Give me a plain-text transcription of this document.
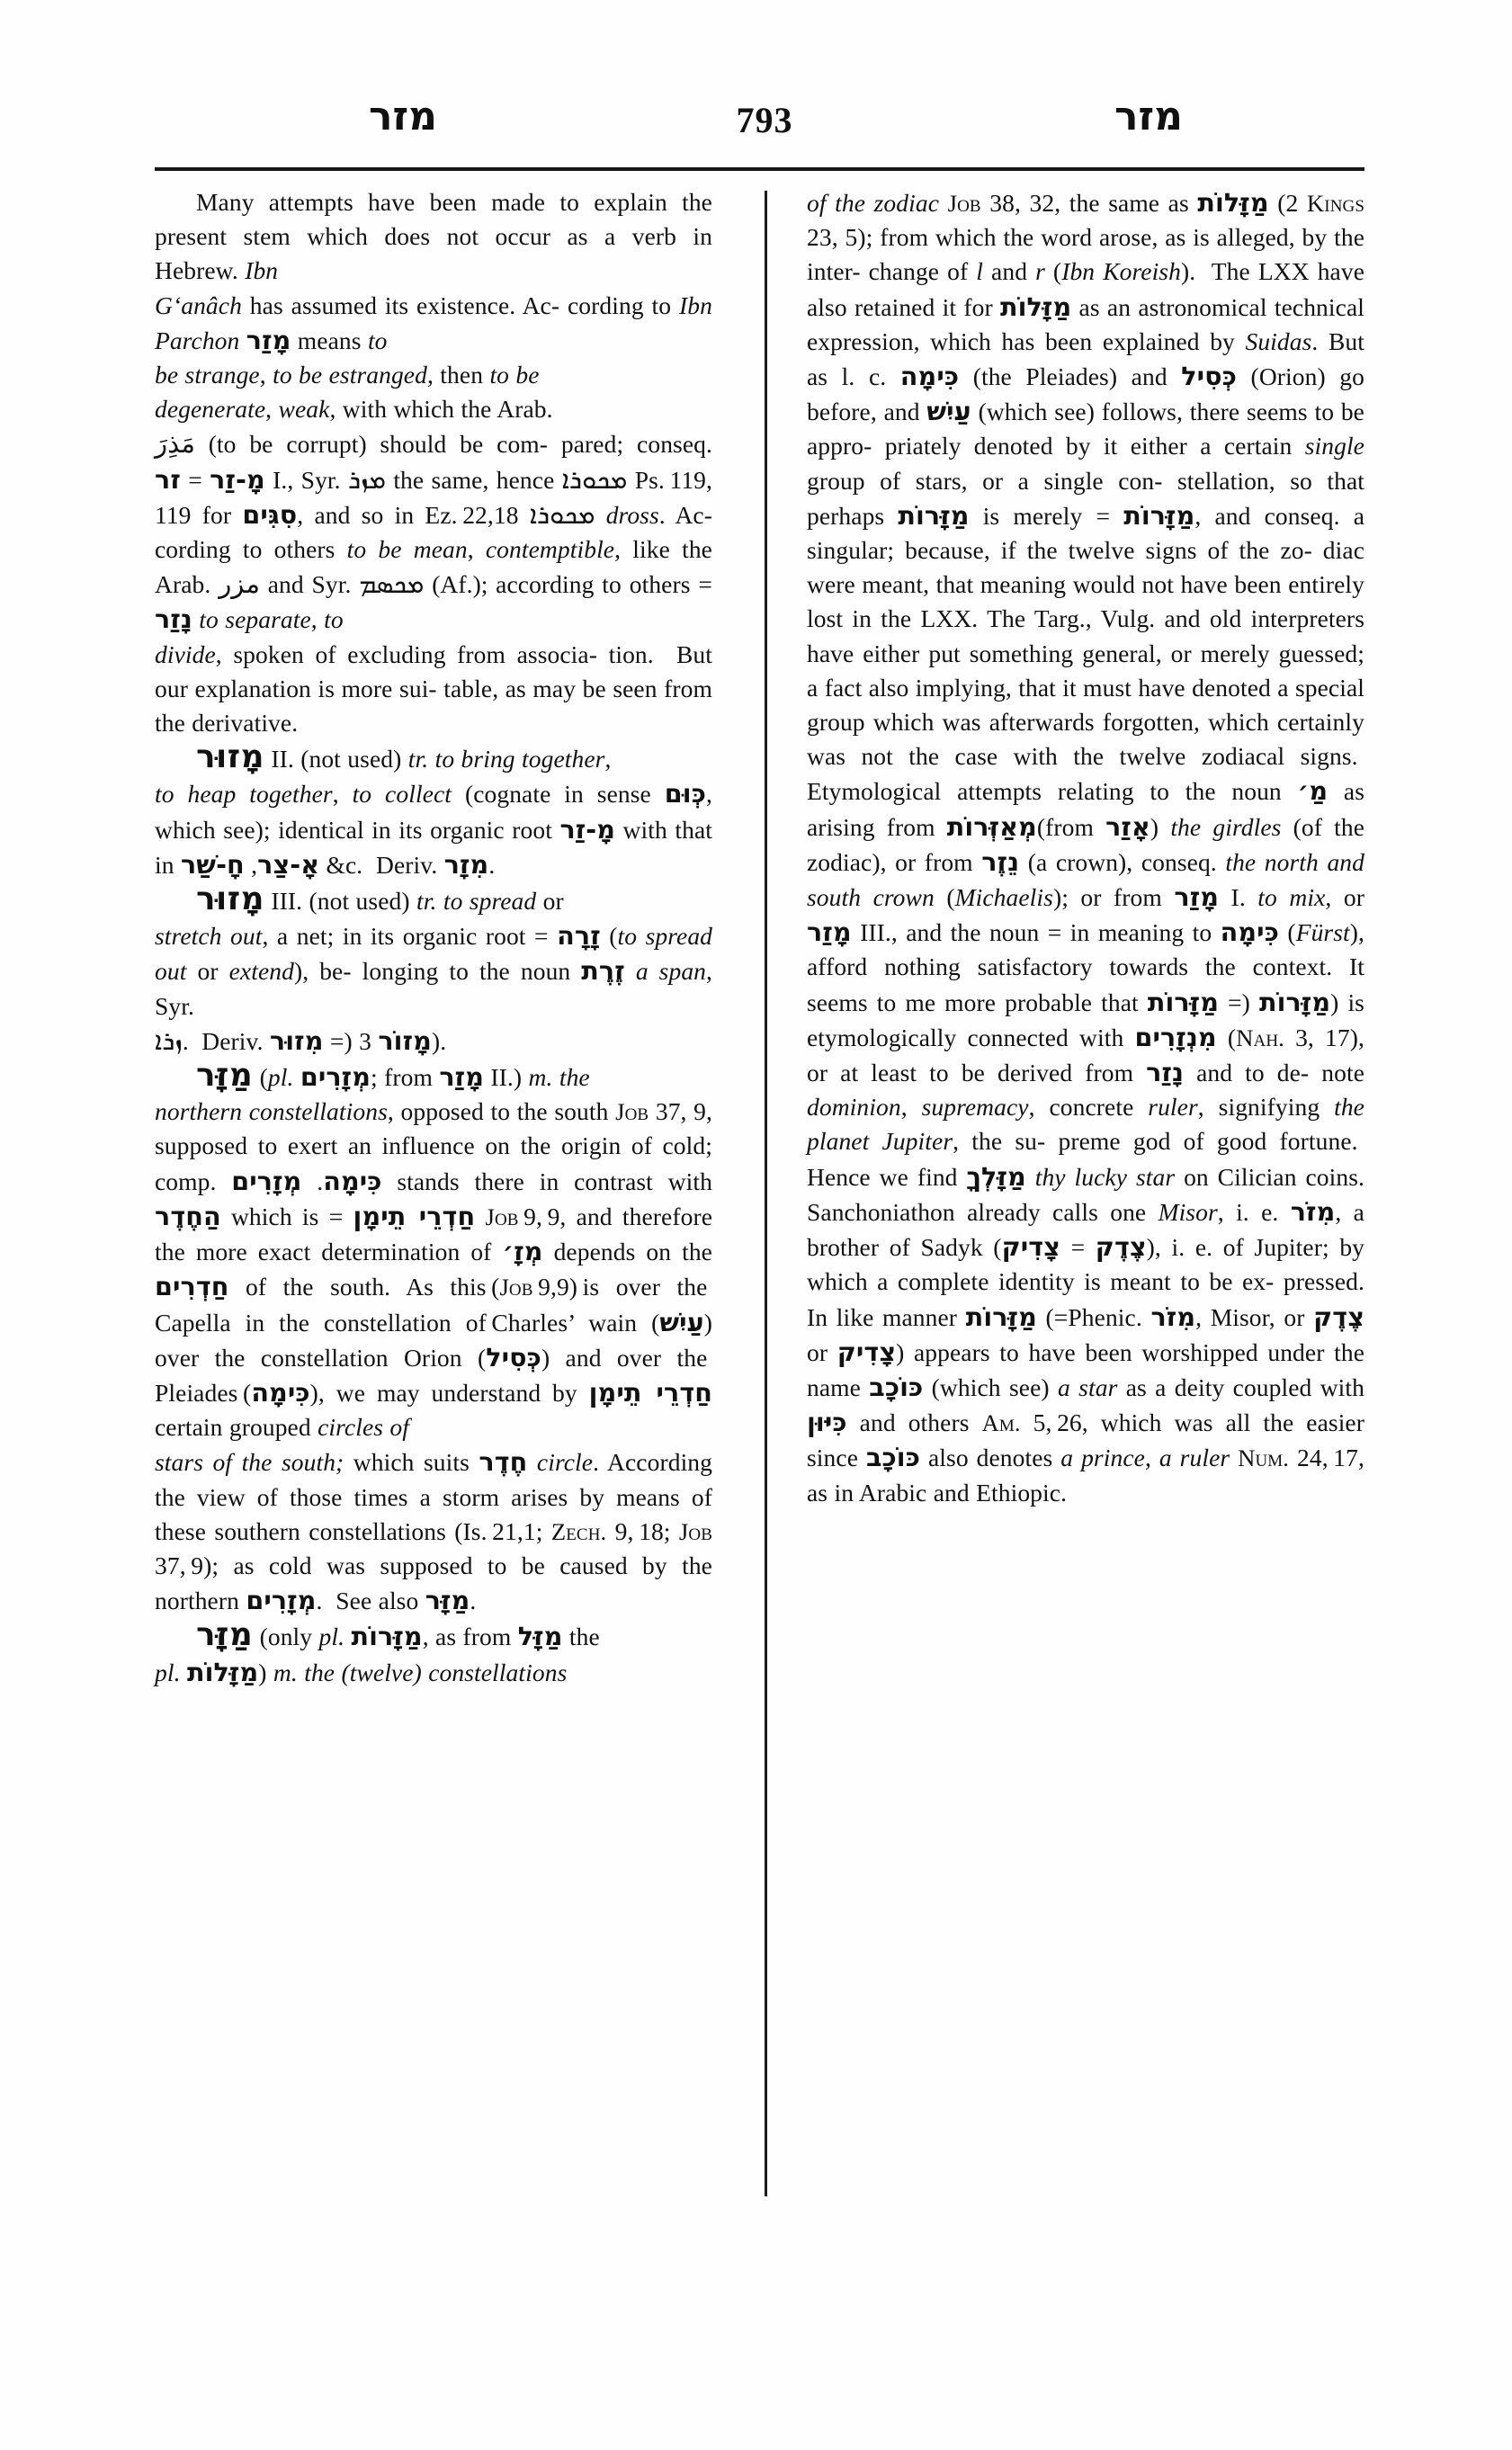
מזר	793	מזר

Many attempts have been made to explain the present stem which does not occur as a verb in Hebrew. Ibn
G‘anâch has assumed its existence. Ac- cording to Ibn Parchon מָזַר means to
be strange, to be estranged, then to be
degenerate, weak, with which the Arab.
مَذِرَ (to be corrupt) should be com- pared; conseq. מָ‑זַר = זר	I., Syr. ܡܙܪ the same, hence ܡܟܘܪܐ Ps. 119, 119 for סִגִּים, and so in Ez. 22,18 ܡܟܘܪܐ dross. Ac- cording to others to be mean, contemptible, like the Arab. مزر and Syr. ܡܟܣܡ (Af.); according to others = נָזַר to separate, to
divide, spoken of excluding from associa- tion.  But our explanation is more sui- table, as may be seen from the derivative.

מָזוּר II. (not used) tr. to bring together,
to heap together, to collect (cognate in sense כְּוּם, which see); identical in its organic root מָ‑זַר with that in	אָ‑צַר, חָ‑שַׁר	&c.  Deriv. מִזָר.

מָזוּר III. (not used) tr. to spread or
stretch out, a net; in its organic root = זָרָה (to spread out or extend), be- longing to the noun זֶרֶת a span, Syr.
ܙܪܐ.  Deriv.	מָזוֹר 3 (= מִזוּר	).

מַזָּר (pl. מְזָרִים; from מָזַר II.) m. the
northern constellations, opposed to the south Job 37, 9, supposed to exert an influence on the origin of cold; comp.	כִּימָה. מְזָרִים	stands there in contrast with הַחֶדֶר which is = חַדְרֵי תֵימָן Job 9, 9, and therefore the more exact determination of מְזָ׳ depends on the חַדְרִים of the south. As this (Job 9,9) is over the Capella in the constellation of Charles’ wain (עַיִשׁ) over the constellation Orion (כְּסִיל) and over the Pleiades (כִּימָה), we may understand by חַדְרֵי תֵימָן certain grouped circles of
stars of the south; which suits חֶדֶר circle. According the view of those times a storm arises by means of these southern constellations (Is. 21,1; Zech. 9, 18; Job 37, 9); as cold was supposed to be caused by the northern מְזָרִים.  See also מַזָּר.

מַזָּר (only pl. מַזָּרוֹת, as from מַזָּל the
pl. מַזָּלוֹת) m. the (twelve) constellations

of the zodiac Job 38, 32, the same as מַזָּלוֹת (2 Kings 23, 5); from which the word arose, as is alleged, by the inter- change of l and r (Ibn Koreish).  The LXX have also retained it for מַזָּלוֹת as an astronomical technical expression, which has been explained by Suidas. But as l. c. כִּימָה (the Pleiades) and כְּסִיל (Orion) go before, and עַיִשׁ (which see) follows, there seems to be appro- priately denoted by it either a certain single group of stars, or a single con- stellation, so that perhaps מַזָּרוֹת is merely = מַזָּרוֹת, and conseq. a singular; because, if the twelve signs of the zo- diac were meant, that meaning would not have been entirely lost in the LXX. The Targ., Vulg. and old interpreters have either put something general, or merely guessed; a fact also implying, that it must have denoted a special group which was afterwards forgotten, which certainly was not the case with the twelve zodiacal signs.  Etymological attempts relating to the noun מַ׳ as arising from מְאַזְּרוֹת(from אָזַר) the girdles (of the zodiac), or from נֵזֶר (a crown), conseq. the north and south crown (Michaelis); or from מָזַר I. to mix, or מָזַר III., and the noun = in meaning to כִּימָה (Fürst), afford nothing satisfactory towards the context. It seems to me more probable that	מַזָּרוֹת (= מַזָּרוֹת	) is etymologically connected with מִנְזָרִים (Nah. 3, 17), or at least to be derived from נָזַר and to de- note dominion, supremacy, concrete ruler, signifying the planet Jupiter, the su- preme god of good fortune.  Hence we find מַזָּלְךָ thy lucky star on Cilician coins. Sanchoniathon already calls one Misor, i. e. מִזֹר, a brother of Sadyk (	צֶדֶק = צָדִיק	), i. e. of Jupiter; by which a complete identity is meant to be ex- pressed. In like manner מַזָּרוֹת (=Phenic. מִזֹר, Misor, or צֶדֶק or צָדִיק) appears to have been worshipped under the name כּוֹכָב (which see) a star as a deity coupled with כִּיּוּן and others Am. 5, 26, which was all the easier since כּוֹכָב also denotes a prince, a ruler Num. 24, 17, as in Arabic and Ethiopic.
